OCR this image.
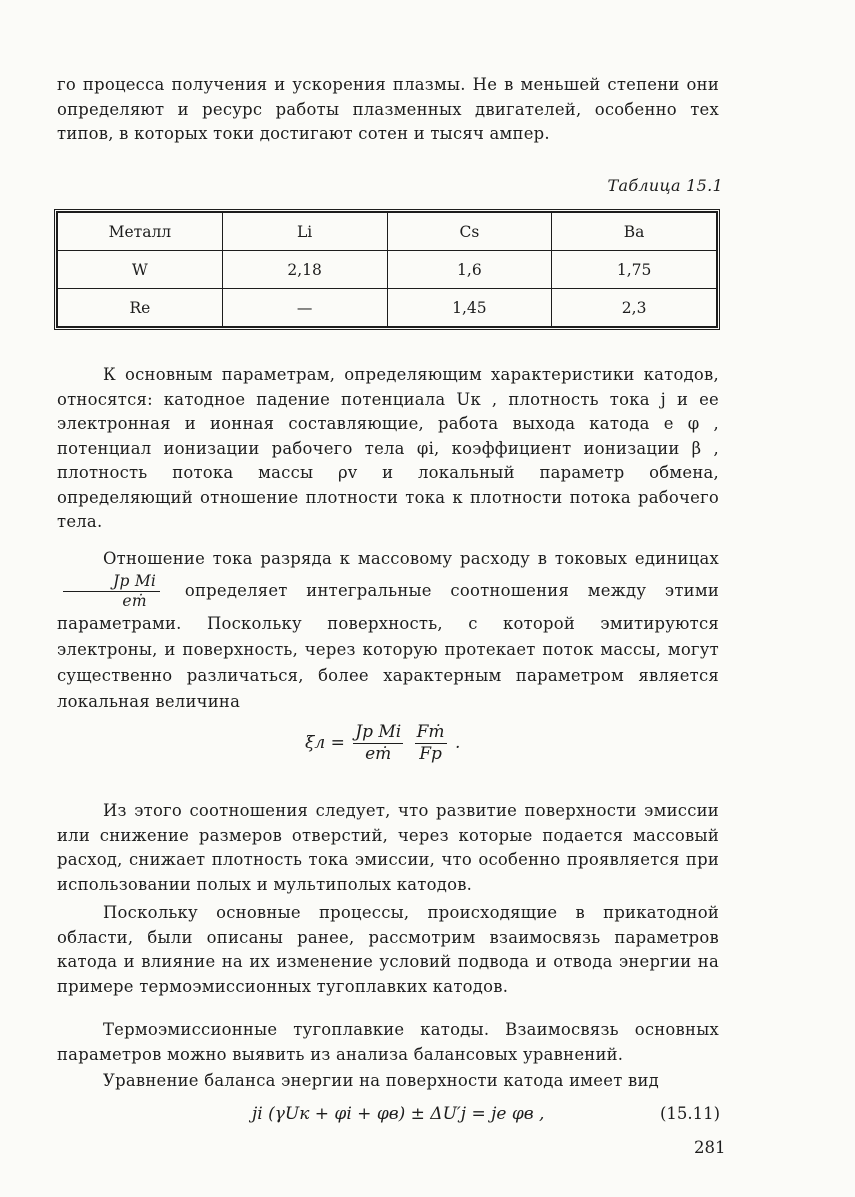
го процесса получения и ускорения плазмы. Не в меньшей степени они определяют и ресурс работы плазменных двигателей, особенно тех типов, в которых токи достигают сотен и тысяч ампер.

Таблица 15.1
Металл	Li	Cs	Ba
W	2,18	1,6	1,75
Re	—	1,45	2,3

К основным параметрам, определяющим характеристики катодов, относятся: катодное падение потенциала Uк , плотность тока j и ее электронная и ионная составляющие, работа выхода катода e φ , потенциал ионизации рабочего тела φi, коэффициент ионизации β , плотность потока массы ρv и локальный параметр обмена, определяющий отношение плотности тока к плотности потока рабочего тела.

Отношение тока разряда к массовому расходу в токовых единицах
$\frac{\text{Jp Mi}}{\text{eṁ}}$ определяет интегральные соотношения между этими параметрами. Поскольку поверхность, с которой эмитируются электроны, и поверхность, через которую протекает поток массы, могут существенно различаться, более характерным параметром является локальная величина

$\xi л = \frac{\text{Jp Mi}}{\text{eṁ}}$
$\frac{\text{Fṁ}}{Fp}$ .

Из этого соотношения следует, что развитие поверхности эмиссии или снижение размеров отверстий, через которые подается массовый расход, снижает плотность тока эмиссии, что особенно проявляется при использовании полых и мультиполых катодов.

Поскольку основные процессы, происходящие в прикатодной области, были описаны ранее, рассмотрим взаимосвязь параметров катода и влияние на их изменение условий подвода и отвода энергии на примере термоэмиссионных тугоплавких катодов.

Термоэмиссионные тугоплавкие катоды. Взаимосвязь основных параметров можно выявить из анализа балансовых уравнений.

Уравнение баланса энергии на поверхности катода имеет вид

ji (γUк + φi + φв) ± ΔU′j = je φв ,	(15.11)
281
